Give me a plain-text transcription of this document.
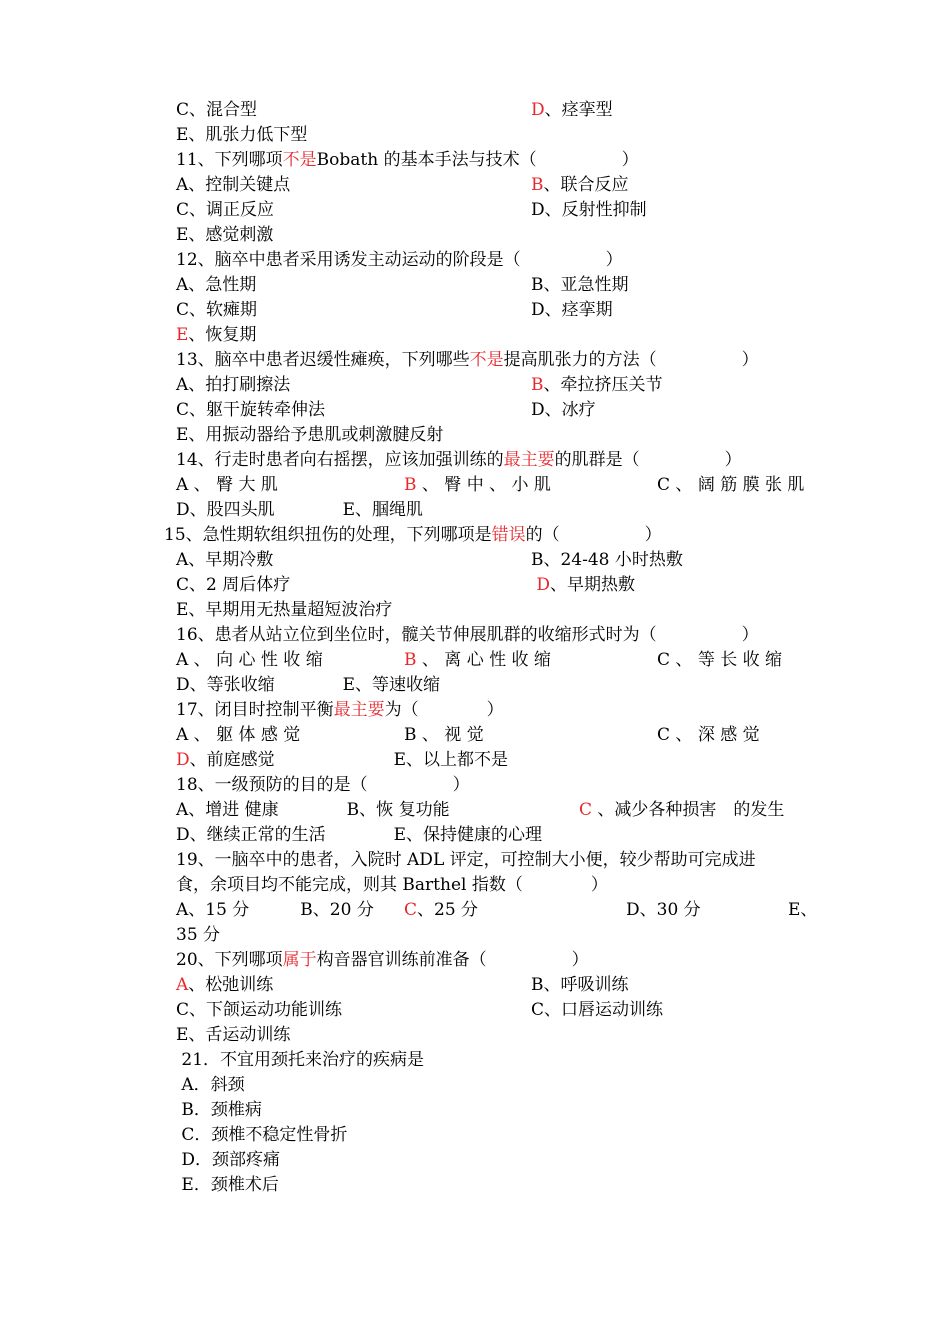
C、混合型	D、痉挛型
E、肌张力低下型
11、下列哪项不是Bobath 的基本手法与技术（　　　　　）
A、控制关键点	B、联合反应
C、调正反应	D、反射性抑制
E、感觉刺激
12、脑卒中患者采用诱发主动运动的阶段是（　　　　　）
A、急性期	B、亚急性期
C、软瘫期	D、痉挛期
E、恢复期
13、脑卒中患者迟缓性瘫痪，下列哪些不是提高肌张力的方法（　　　　　）
A、拍打刷擦法	B、牵拉挤压关节
C、躯干旋转牵伸法	D、冰疗
E、用振动器给予患肌或刺激腱反射
14、行走时患者向右摇摆，应该加强训练的最主要的肌群是（　　　　　）
A 、 臀 大 肌	B 、 臀 中 、 小 肌	C 、 阔 筋 膜 张 肌
D、股四头肌　　　　E、腘绳肌
15、急性期软组织扭伤的处理，下列哪项是错误的（　　　　　）
A、早期冷敷	B、24-48 小时热敷
C、2 周后体疗	D、早期热敷
E、早期用无热量超短波治疗
16、患者从站立位到坐位时，髋关节伸展肌群的收缩形式时为（　　　　　）
A 、 向 心 性 收 缩	B 、 离 心 性 收 缩	C 、 等 长 收 缩
D、等张收缩　　　　E、等速收缩
17、闭目时控制平衡最主要为（　　　　）
A 、 躯 体 感 觉	B 、 视 觉	C 、 深 感 觉
D、前庭感觉　　　　　　　E、以上都不是
18、一级预防的目的是（　　　　　）
A、增进 健康　　　　B、恢 复功能	C 、减少各种损害　的发生
D、继续正常的生活　　　　E、保持健康的心理
19、一脑卒中的患者，入院时 ADL 评定，可控制大小便，较少帮助可完成进
食，余项目均不能完成，则其 Barthel 指数（　　　　）
A、15 分　　　B、20 分 C、25 分	D、30 分	E、
35 分
20、下列哪项属于构音器官训练前准备（　　　　　）
A、松弛训练	B、呼吸训练
C、下颌运动功能训练	C、口唇运动训练
E、舌运动训练
21．不宜用颈托来治疗的疾病是
A．斜颈
B．颈椎病
C．颈椎不稳定性骨折
D．颈部疼痛
E．颈椎术后
